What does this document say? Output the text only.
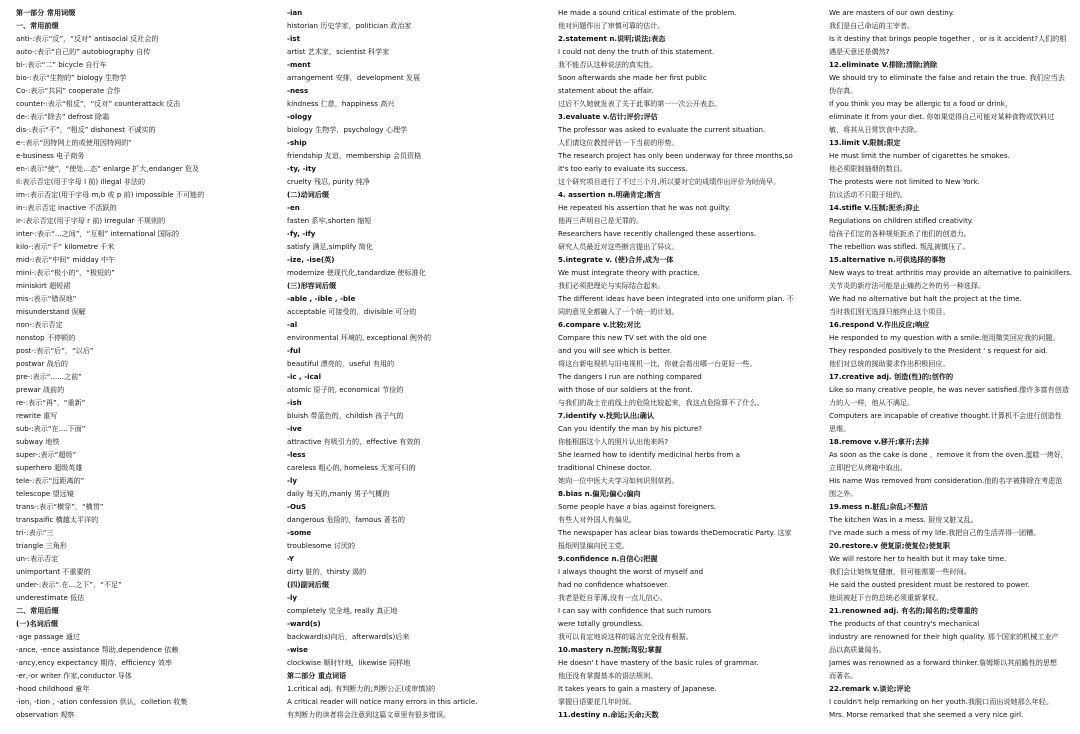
第一部分 常用词缀
一、常用前缀
anti-:表示“反”，“反对” antisocial 反社会的
auto-:表示“自己的” autobiography 自传
bi-:表示“二” bicycle 自行车
bio-:表示“生物的” biology 生物学
Co-:表示“共同” cooperate 合作
counter-:表示“相反”，“反对” counterattack 反击
de-:表示“除去” defrost 除霜
dis-:表示“不”，“相反” dishonest 不诚实的
e-:表示“因特网上的或使用因特网的”
e-business 电子商务
en-:表示“使”，“使处...态” enlarge 扩大,endanger 危及
il:表示否定(用于字母 l 前) illegal 非法的
im-:表示否定(用于字母 m,b 或 p 前) impossible 不可能的
in-:表示否定 inactive 不活跃的
ir-:表示否定(用于字母 r 前) irregular 不规则的
inter-:表示“...之间”，“互相” international 国际的
kilo-:表示“千” kilometre 千米
mid-:表示“中间” midday 中午
mini-:表示“极小的”，“极短的”
miniskirt 超短裙
mis-:表示“错误地”
misunderstand 误解
non-:表示否定
nonstop 不停顿的
post-:表示“后”，“以后”
postwar 战后的
pre-:表示“......之前”
prewar 战前的
re-:表示“再”，“重新”
rewrite 重写
sub-:表示“在....下面”
subway 地铁
super-:表示“超级”
superhero 超级英雄
tele-:表示“远距离的”
telescope 望远镜
trans-:表示“横穿”，“横贯”
transpaific 横越太平洋的
tri-:表示“三
triangle 三角形
un-:表示否定
unimportant 不重要的
under-:表示“.在...之下”，“不足”
underestimate 低估
二、常用后缀
(一)名词后缀
-age passage 通过
-ance, -ence assistance 帮助,dependence 依赖
-ancy,ency expectancy 期待，efficiency 效率
-er,-or writer 作家,conductor 导体
-hood childhood 童年
-ion, -tion , -ation confession 供认，colletion 收集
observation 观察
-ian
historian 历史学家，politician 政治家
-ist
artist 艺术家，scientist 科学家
-ment
arrangement 安排，development 发展
-ness
kindness 仁慈，happiness 高兴
-ology
biology 生物学，psychology 心理学
-ship
friendship 友谊，membership 会员资格
-ty, -ity
cruelty 残忍, purity 纯净
(二)动词后缀
-en
fasten 系牢,shorten 缩短
-fy, -ify
satisfy 满足,simplify 简化
-ize, -ise(英)
modernize 使现代化,tandardize 使标准化
(三)形容词后缀
-able , -ible , -ble
acceptable 可接受的，divisible 可分的
-al
environmental 环境的, exceptional 例外的
-ful
beautiful 漂亮的，useful 有用的
-ic , -ical
atomic 原子的, economical 节俭的
-ish
bluish 带蓝色的，childish 孩子气的
-ive
attractive 有吸引力的，effective 有效的
-less
careless 粗心的, homeless 无家可归的
-ly
daily 每天的,manly 男子气概的
-OuS
dangerous 危险的，famous 著名的
-some
troublesome 讨厌的
-Y
dirty 脏的，thirsty 渴的
(四)副词后缀
-ly
completely 完全地, really 真正地
-ward(s)
backward(s)向后，afterward(s)后来
-wise
clockwise 顺时针地，likewise 同样地
第二部分 重点词语
1.critical adj. 有判断力的;判断公正(或审慎)的
A critical reader will notice many errors in this article.
有判断力的读者将会注意到这篇文章里有很多错误。
He made a sound critical estimate of the problem.
他对问题作出了审慎可靠的估计。
2.statement n.说明;说法;表态
I could not deny the truth of this statement.
我不能否认这种说法的真实性。
Soon afterwards she made her first public
statement about the affair.
过后不久她就发表了关于此事的第一一次公开表态。
3.evaluate v.估计;评价;评估
The professor was asked to evaluate the current situation.
人们请这位教授评估一下当前的形势。
The research project has only been underway for three months,so
it's too early to evaluate its success.
这个研究项目进行了不过三个月,所以要对它的成绩作出评价为时尚早。
4. assertion n.明确肯定;断言
He repeated his assertion that he was not guilty.
他再三声明自己是无罪的。
Researchers have recently challenged these assertions.
研究人员最近对这些断言提出了异议。
5.integrate v. (使)合并,成为一体
We must integrate theory with practice.
我们必须把理论与实际结合起来。
The different ideas have been integrated into one uniform plan. 不
同的意见全都融入了一个统一的计划。
6.compare v.比较;对比
Compare this new TV set with the old one
and you will see which is better.
将这台新电视机与旧电视机一比，你就会看出哪一台更好一些。
The dangers I run are nothing compared
with those of our soldiers at the front.
与我们的战士在前线上的危险比较起来，我这点危险算不了什么。
7.identify v.找到;认出;确认
Can you identify the man by his picture?
你能根据这个人的照片认出他来吗?
She learned how to identify medicinal herbs from a
traditional Chinese doctor.
她向一位中医大夫学习如何识别草药。
8.bias n.偏见;偏心;偏向
Some people have a bias against foreigners.
有些人对外国人有偏见。
The newspaper has aclear bias towards theDemocratic Party. 这家
报纸明显偏向民主党。
9.confidence n.自信心;把握
I always thought the worst of myself and
had no confidence whatsoever.
我老是贬自菲薄,没有一点儿信心。
I can say with confidence that such rumors
were totally groundless.
我可以肯定地说这样的谣言完全没有根据。
10.mastery n.控制;驾驭;掌握
He doesn' t have mastery of the basic rules of grammar.
他还没有掌握基本的语法规则。
It takes years to gain a mastery of Japanese.
掌握日语要花几年时间。
11.destiny n.命运;天命;天数
We are masters of our own destiny.
我们是自己命运的主宰者。
Is it destiny that brings people together ，or is it accident?人们的相
遇是天意还是偶然?
12.eliminate V.排除;清除;消除
We should try to eliminate the false and retain the true. 我们应当去
伪存真。
If you think you may be allergic to a food or drink，
eliminate it from your diet. 你如果觉得自己可能对某种食物或饮料过
敏，将其从日常饮食中去除。
13.limit V.限制;限定
He must limit the number of cigarettes he smokes.
他必须限制抽烟的数目。
The protests were not limited to New York.
抗议活动不只限于纽约。
14.stifle V.压制;扼杀;抑止
Regulations on children stifled creativity.
给孩子们定的各种规矩扼杀了他们的创造力。
The rebellion was stifled. 叛乱被镇压了。
15.alternative n.可供选择的事物
New ways to treat arthritis may provide an alternative to painkillers.
关节炎的新疗法可能是止痛药之外的另一种选择。
We had no alternative but halt the project at the time.
当时我们别无选择只能终止这个项目。
16.respond V.作出反应;响应
He responded to my question with a smile.他用微笑回应我的问题。
They responded positively to the President ' s request for aid.
他们对总统的援助要求作出积极回应。
17.creative adj. 创造(性)的;创作的
Like so many creative people, he was never satisfied.像许多富有创造
力的人一样，他从不满足。
Computers are incapable of creative thought.计算机不会进行创造性
思维。
18.remove v.移开;拿开;去掉
As soon as the cake is done ，remove it from the oven.蛋糕一烤好，
立即把它从烤箱中取出。
His name Was removed from consideration.他的名字被排除在考虑范
围之外。
19.mess n.脏乱;杂乱;不整洁
The kitchen Was in a mess. 厨房又脏又乱。
I've made such a mess of my life.我把自己的生活弄得一团糟。
20.restore.v 使复原;使复位;使复职
We will restore her to health but it may take time.
我们会让她恢复健康，但可能需要一些时间。
He said the ousted president must be restored to power.
他说被赶下台的总统必须重新掌权。
21.renowned adj. 有名的;闻名的;受尊重的
The products of that country's mechanical
industry are renowned for their high quality. 那个国家的机械工业产
品以高质量闻名。
James was renowned as a forward thinker.詹姆斯以其前瞻性的思想
而著名。
22.remark v.谈论;评论
I couldn't help remarking on her youth.我脱口而出说她那么年轻。
Mrs. Morse remarked that she seemed a very nice girl.
